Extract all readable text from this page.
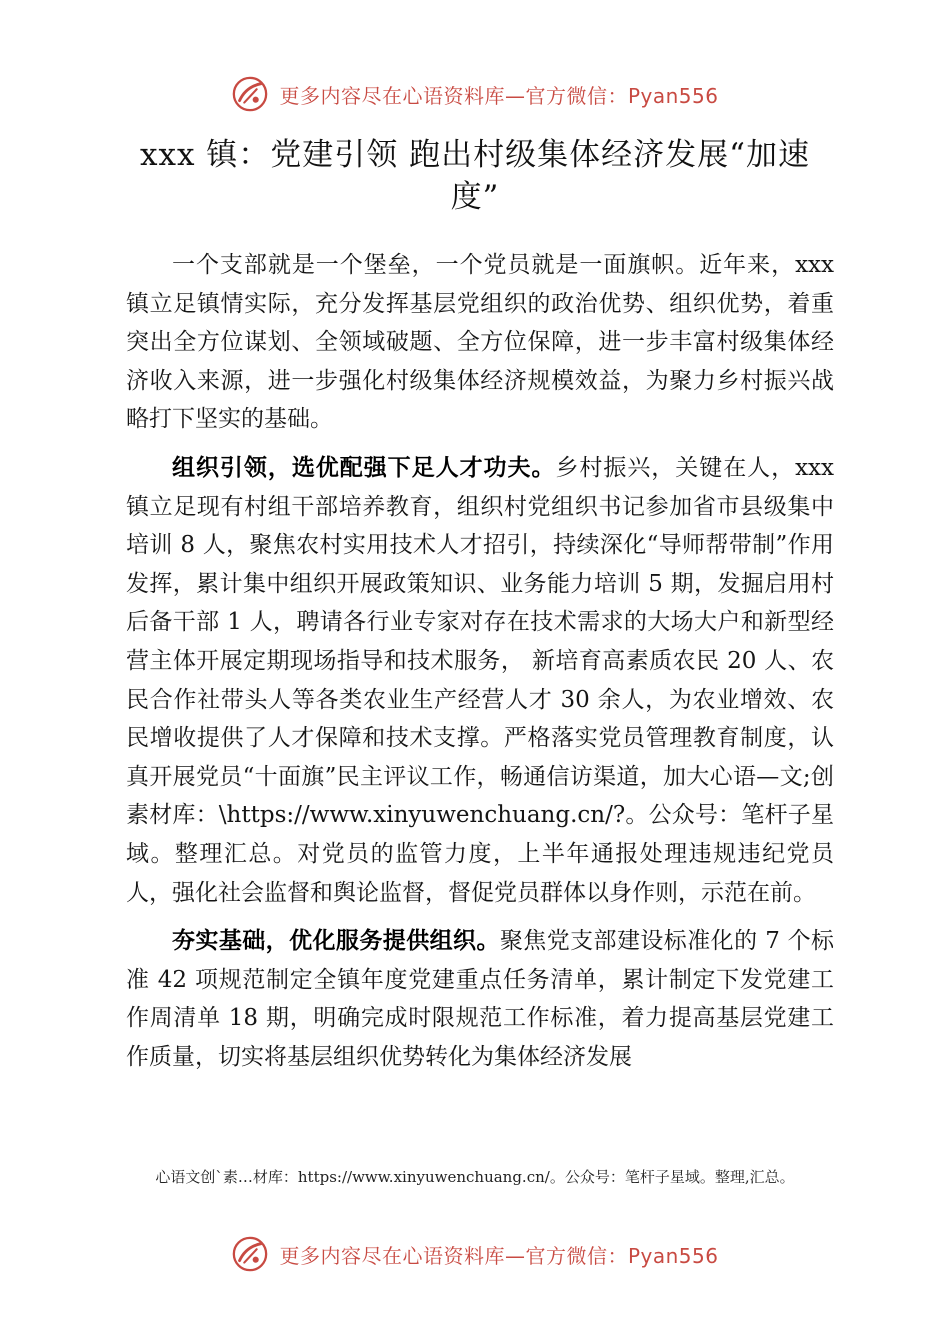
更多内容尽在心语资料库—官方微信：Pyan556
xxx 镇：党建引领 跑出村级集体经济发展“加速度”

一个支部就是一个堡垒，一个党员就是一面旗帜。近年来，xxx 镇立足镇情实际，充分发挥基层党组织的政治优势、组织优势，着重突出全方位谋划、全领域破题、全方位保障，进一步丰富村级集体经济收入来源，进一步强化村级集体经济规模效益，为聚力乡村振兴战略打下坚实的基础。

组织引领，选优配强下足人才功夫。乡村振兴，关键在人，xxx 镇立足现有村组干部培养教育，组织村党组织书记参加省市县级集中培训 8 人，聚焦农村实用技术人才招引，持续深化“导师帮带制”作用发挥，累计集中组织开展政策知识、业务能力培训 5 期，发掘启用村后备干部 1 人，聘请各行业专家对存在技术需求的大场大户和新型经营主体开展定期现场指导和技术服务， 新培育高素质农民 20 人、农民合作社带头人等各类农业生产经营人才 30 余人，为农业增效、农民增收提供了人才保障和技术支撑。严格落实党员管理教育制度，认真开展党员“十面旗”民主评议工作，畅通信访渠道，加大心语—文;创素材库：\https://www.xinyuwenchuang.cn/?。公众号：笔杆子星域。整理汇总。对党员的监管力度，上半年通报处理违规违纪党员人，强化社会监督和舆论监督，督促党员群体以身作则，示范在前。

夯实基础，优化服务提供组织。聚焦党支部建设标准化的 7 个标准 42 项规范制定全镇年度党建重点任务清单，累计制定下发党建工作周清单 18 期，明确完成时限规范工作标准，着力提高基层党建工作质量，切实将基层组织优势转化为集体经济发展

心语文创`素…材库：https://www.xinyuwenchuang.cn/。公众号：笔杆子星域。整理,汇总。
更多内容尽在心语资料库—官方微信：Pyan556
